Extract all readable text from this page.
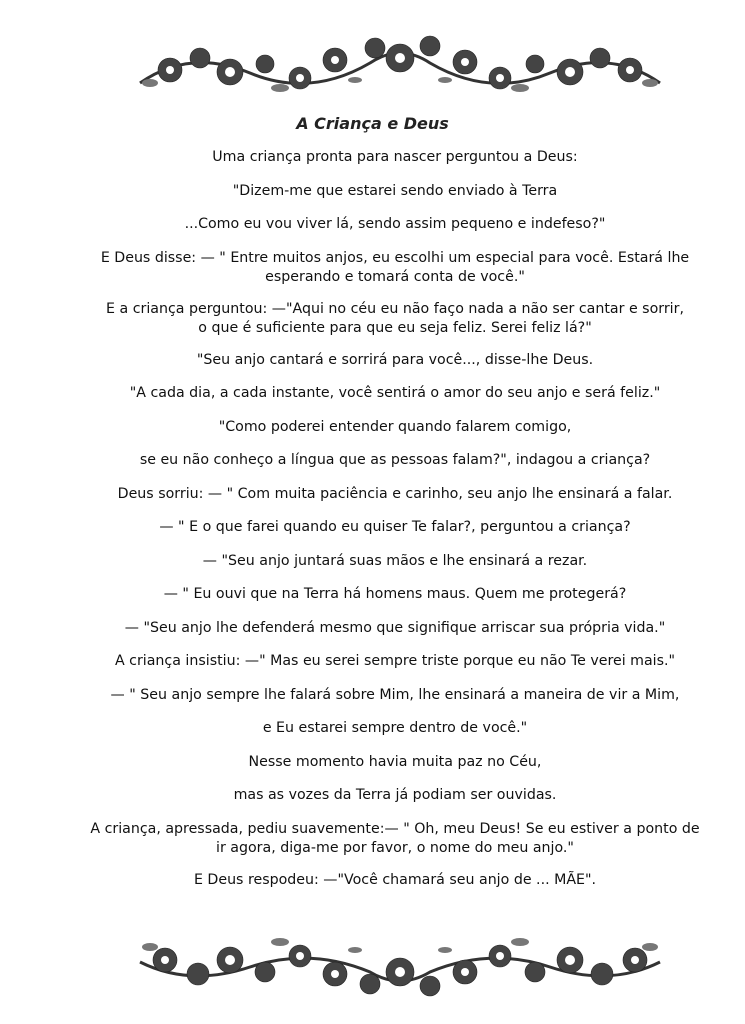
A Criança e Deus
Uma criança pronta para nascer perguntou a Deus:
"Dizem-me que estarei sendo enviado à Terra
...Como eu vou viver lá, sendo assim pequeno e indefeso?"
E Deus disse: — " Entre muitos anjos, eu escolhi um especial para você. Estará lhe
esperando e tomará conta de você."
E a criança perguntou: —"Aqui no céu eu não faço nada a não ser cantar e sorrir,
o que é suficiente para que eu seja feliz. Serei feliz lá?"
"Seu anjo cantará e sorrirá para você..., disse-lhe Deus.
"A cada dia, a cada instante, você sentirá o amor do seu anjo e será feliz."
"Como poderei entender quando falarem comigo,
se eu não conheço a língua que as pessoas falam?", indagou a criança?
Deus sorriu: — " Com muita paciência e carinho, seu anjo lhe ensinará a falar.
— " E o que farei quando eu quiser Te falar?, perguntou a criança?
— "Seu anjo juntará suas mãos e lhe ensinará a rezar.
— " Eu ouvi que na Terra há homens maus. Quem me protegerá?
— "Seu anjo lhe defenderá mesmo que signifique arriscar sua própria vida."
A criança insistiu: —" Mas eu serei sempre triste porque eu não Te verei mais."
— " Seu anjo sempre lhe falará sobre Mim, lhe ensinará a maneira de vir a Mim,
e Eu estarei sempre dentro de você."
Nesse momento havia muita paz no Céu,
mas as vozes da Terra já podiam ser ouvidas.
A criança, apressada, pediu suavemente:— " Oh, meu Deus! Se eu estiver a ponto de
ir agora, diga-me por favor, o nome do meu anjo."
E Deus respodeu: —"Você chamará seu anjo de ... MÃE".
